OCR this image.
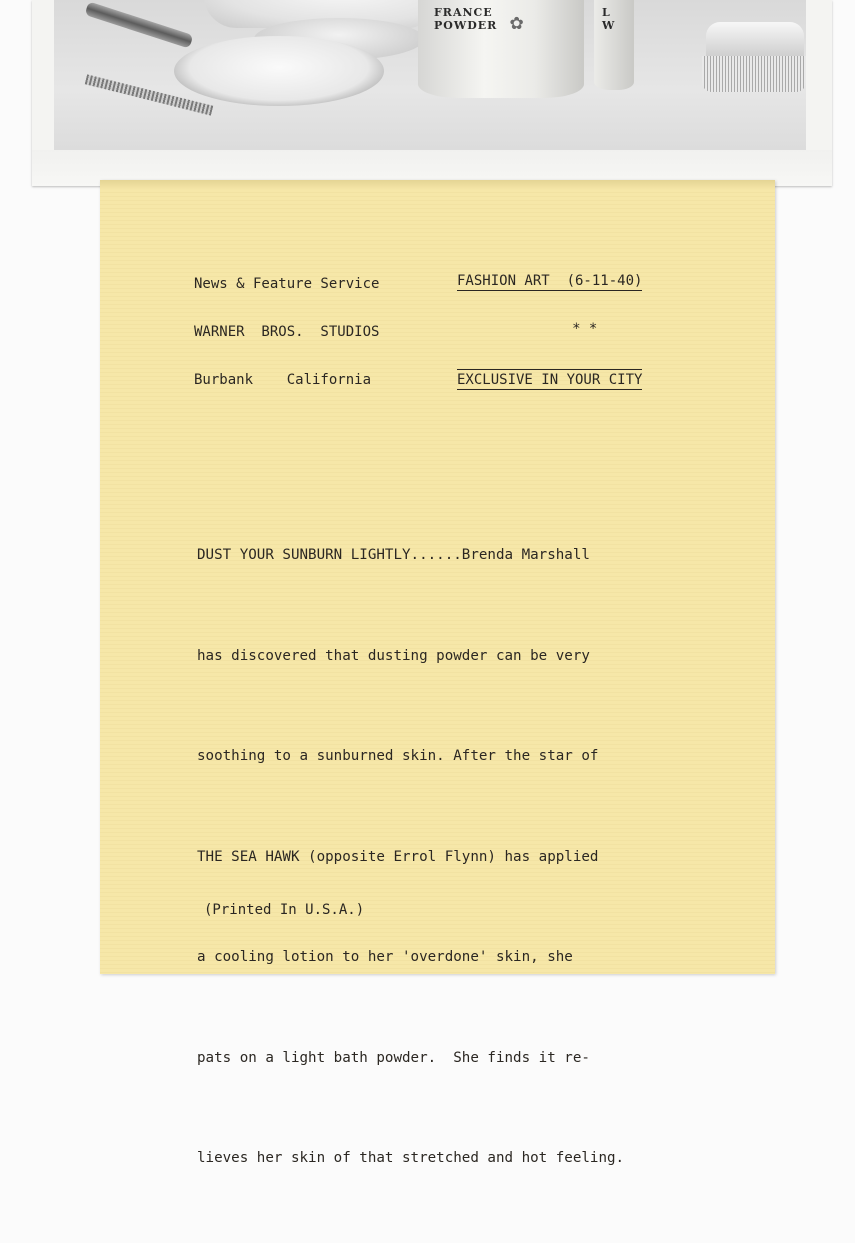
FRANCE
POWDER ✿	L
W

News & Feature Service

WARNER  BROS.  STUDIOS

Burbank    California

FASHION ART  (6-11-40)

* *

EXCLUSIVE IN YOUR CITY

DUST YOUR SUNBURN LIGHTLY......Brenda Marshall

has discovered that dusting powder can be very

soothing to a sunburned skin. After the star of

THE SEA HAWK (opposite Errol Flynn) has applied

a cooling lotion to her 'overdone' skin, she

pats on a light bath powder.  She finds it re-

lieves her skin of that stretched and hot feeling.

(Printed In U.S.A.)
